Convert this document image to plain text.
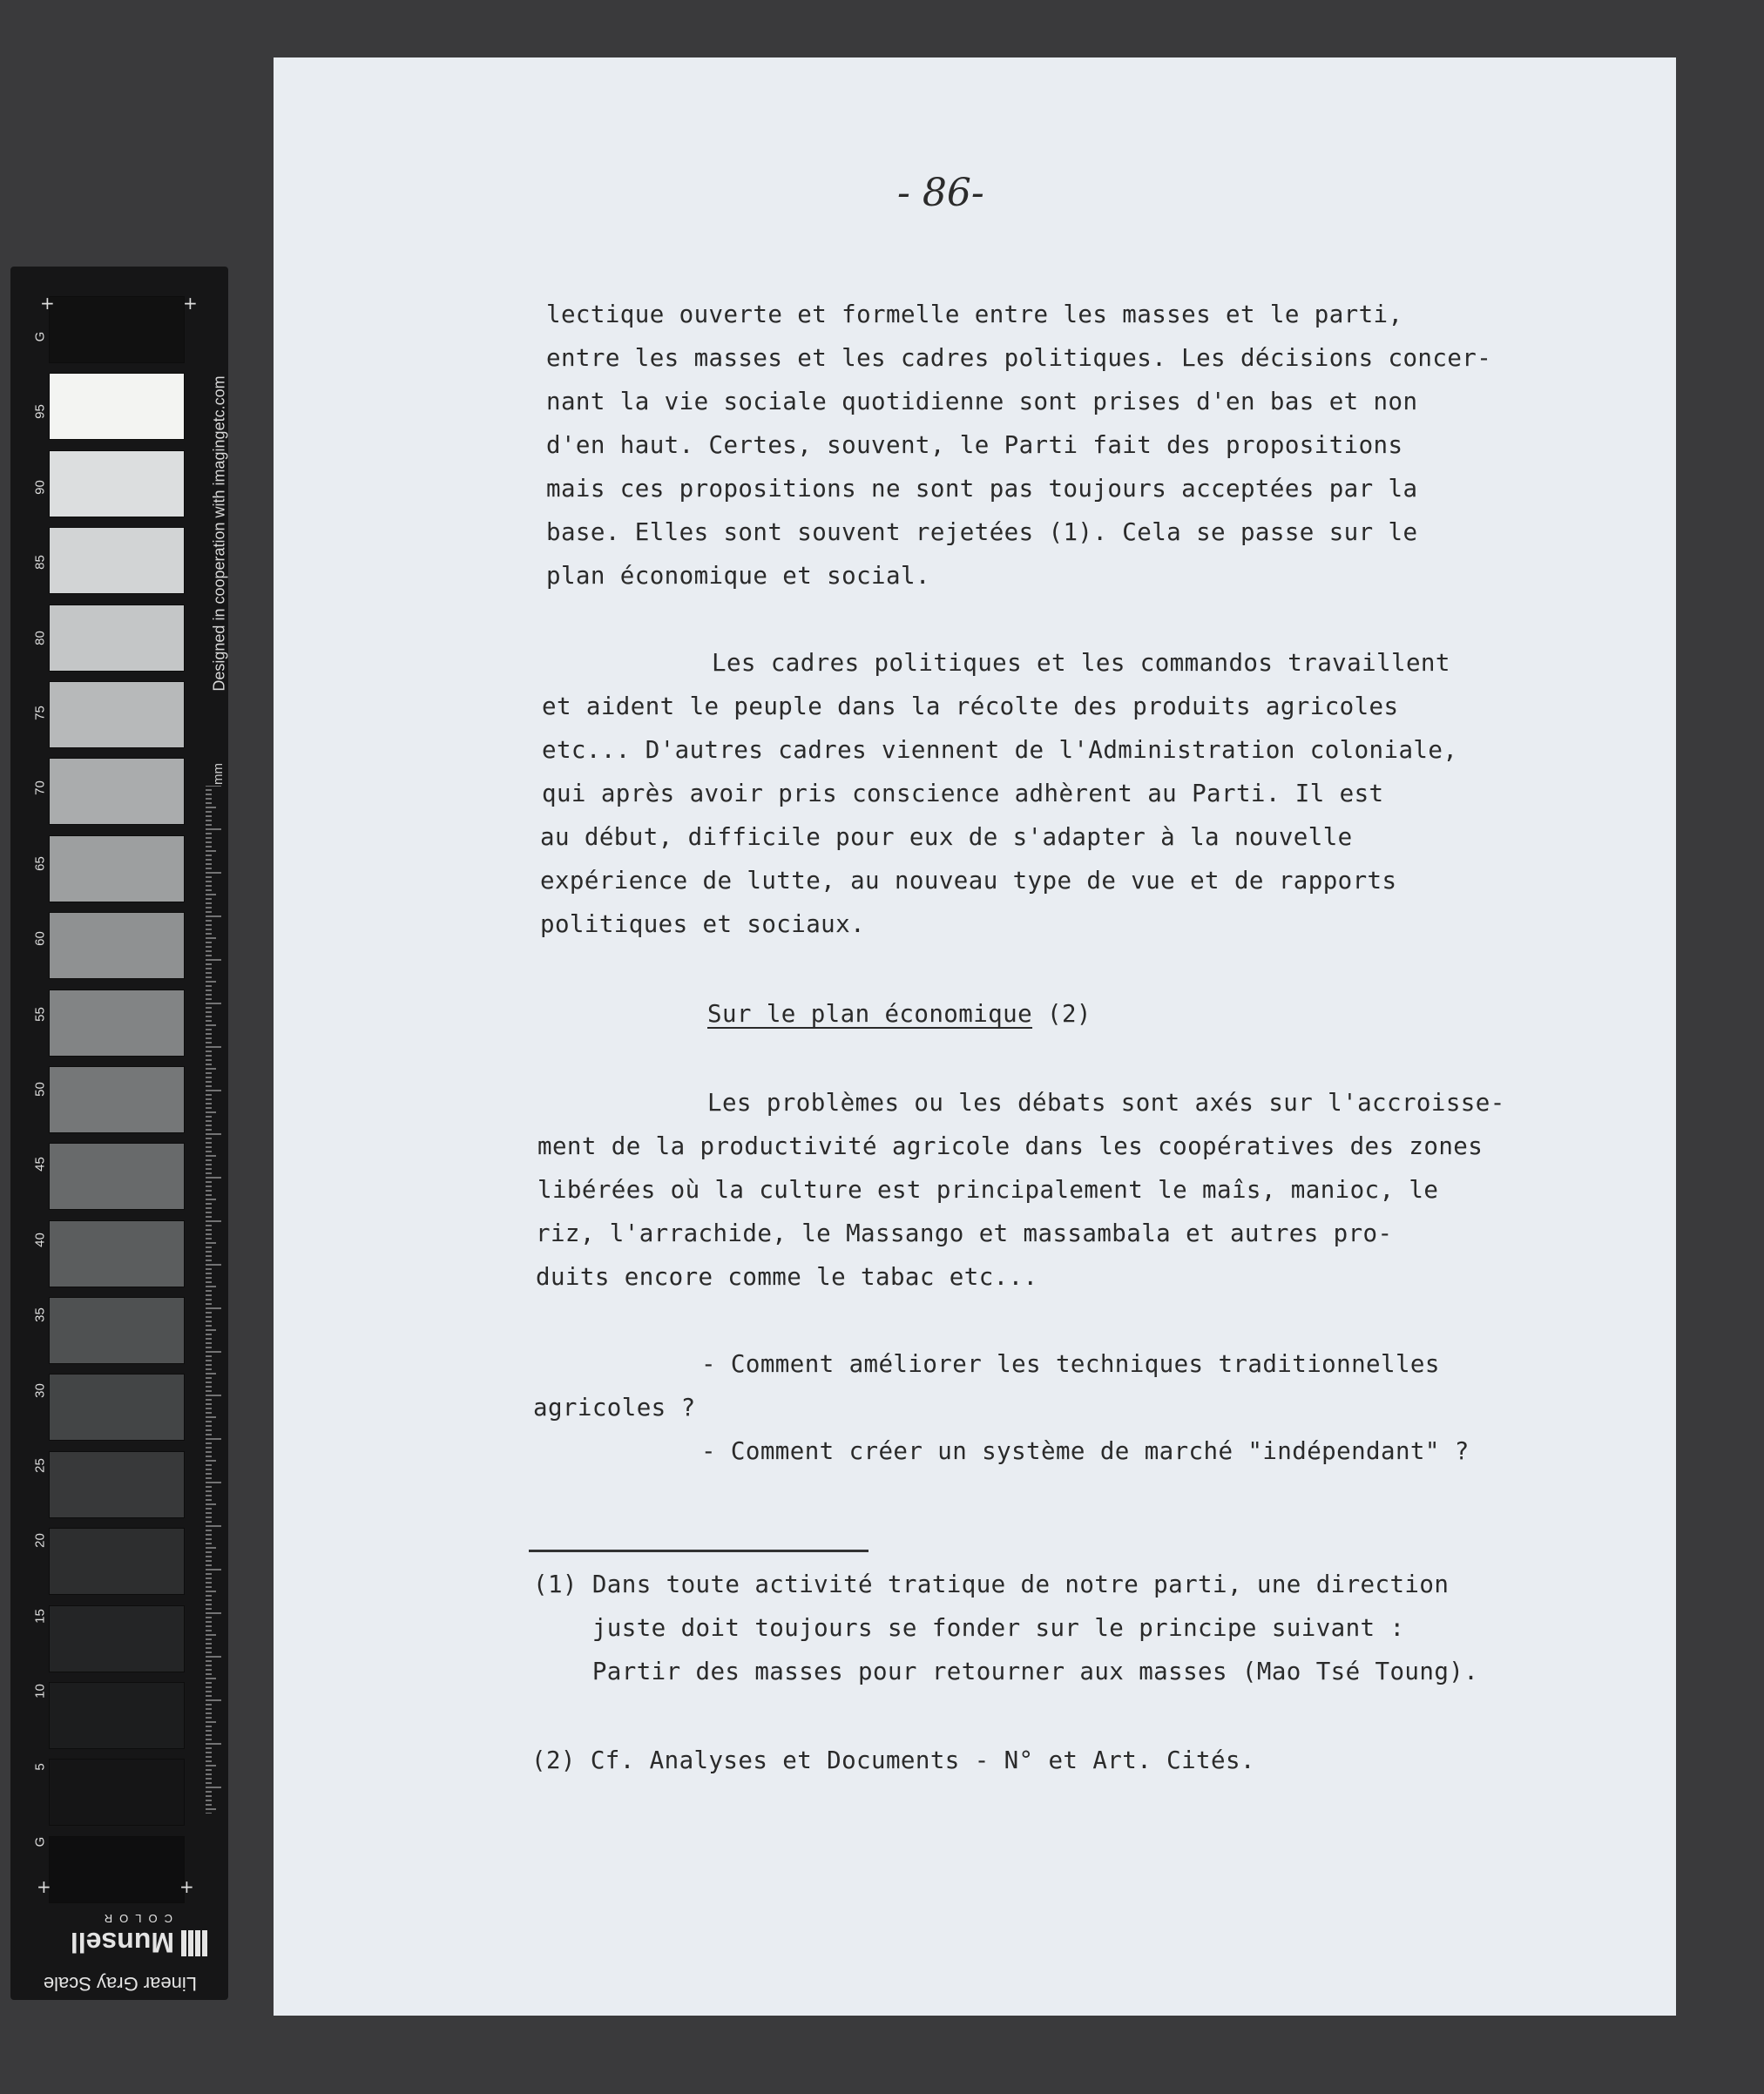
+	+
+	+
G
95
90
85
80
75
70
65
60
55
50
45
40
35
30
25
20
15
10
5
G
Designed in cooperation with imagingetc.com
mm
Linear Gray Scale
Munsell
COLOR
- 86-
lectique ouverte et formelle entre les masses et le parti,
entre les masses et les cadres politiques. Les décisions concer-
nant la vie sociale quotidienne sont prises d'en bas et non
d'en haut. Certes, souvent, le Parti fait des propositions
mais ces propositions ne sont pas toujours acceptées par la
base. Elles sont souvent rejetées (1). Cela se passe sur le
plan économique et social.
Les cadres politiques et les commandos travaillent
et aident le peuple dans la récolte des produits agricoles
etc... D'autres cadres viennent de l'Administration coloniale,
qui après avoir pris conscience adhèrent au Parti. Il est
au début, difficile pour eux de s'adapter à la nouvelle
expérience de lutte, au nouveau type de vue et de rapports
politiques et sociaux.
Sur le plan économique (2)
Les problèmes ou les débats sont axés sur l'accroisse-
ment de la productivité agricole dans les coopératives des zones
libérées où la culture est principalement le maîs, manioc, le
riz, l'arrachide, le Massango et massambala et autres pro-
duits encore comme le tabac etc...
- Comment améliorer les techniques traditionnelles
agricoles ?
- Comment créer un système de marché "indépendant" ?
(1) Dans toute activité tratique de notre parti, une direction
juste doit toujours se fonder sur le principe suivant :
Partir des masses pour retourner aux masses (Mao Tsé Toung).
(2) Cf. Analyses et Documents - N° et Art. Cités.
